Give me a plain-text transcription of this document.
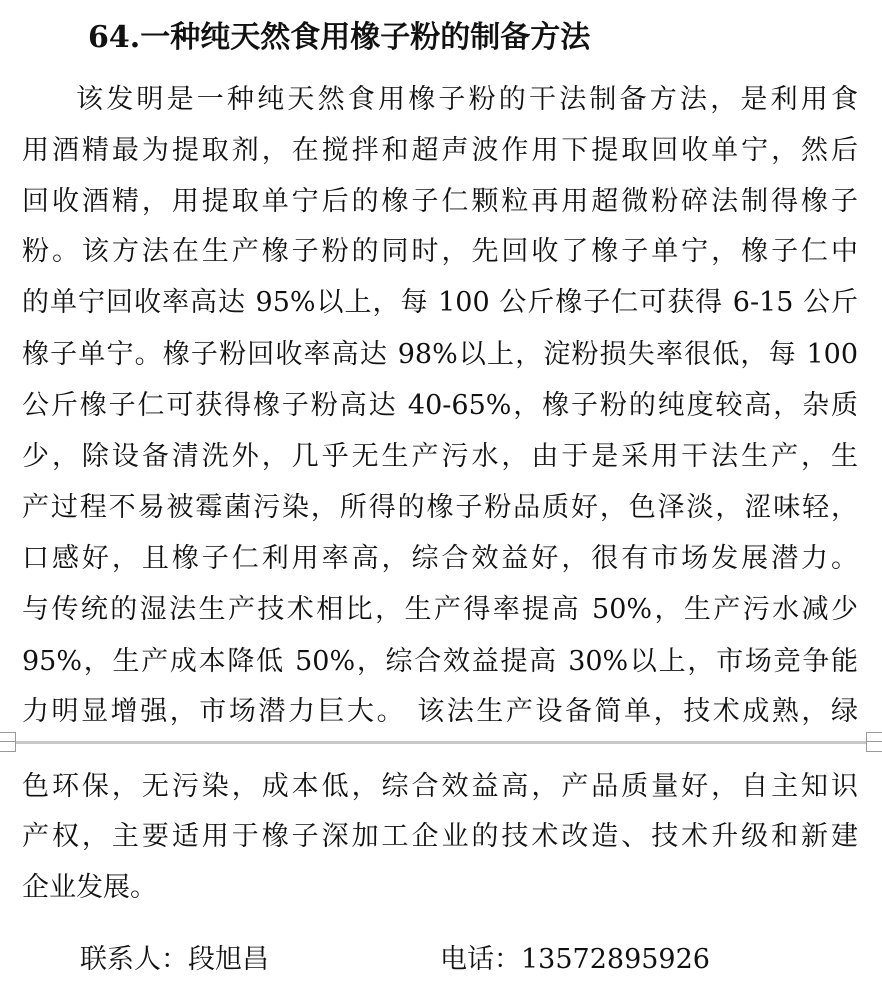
64.一种纯天然食用橡子粉的制备方法

该发明是一种纯天然食用橡子粉的干法制备方法，是利用食

用酒精最为提取剂，在搅拌和超声波作用下提取回收单宁，然后

回收酒精，用提取单宁后的橡子仁颗粒再用超微粉碎法制得橡子

粉。该方法在生产橡子粉的同时，先回收了橡子单宁，橡子仁中

的单宁回收率高达 95%以上，每 100 公斤橡子仁可获得 6-15 公斤

橡子单宁。橡子粉回收率高达 98%以上，淀粉损失率很低，每 100

公斤橡子仁可获得橡子粉高达 40-65%，橡子粉的纯度较高，杂质

少，除设备清洗外，几乎无生产污水，由于是采用干法生产，生

产过程不易被霉菌污染，所得的橡子粉品质好，色泽淡，涩味轻，

口感好，且橡子仁利用率高，综合效益好，很有市场发展潜力。

与传统的湿法生产技术相比，生产得率提高 50%，生产污水减少

95%，生产成本降低 50%，综合效益提高 30%以上，市场竞争能

力明显增强，市场潜力巨大。 该法生产设备简单，技术成熟，绿

色环保，无污染，成本低，综合效益高，产品质量好，自主知识

产权，主要适用于橡子深加工企业的技术改造、技术升级和新建

企业发展。

联系人：段旭昌	电话：13572895926
